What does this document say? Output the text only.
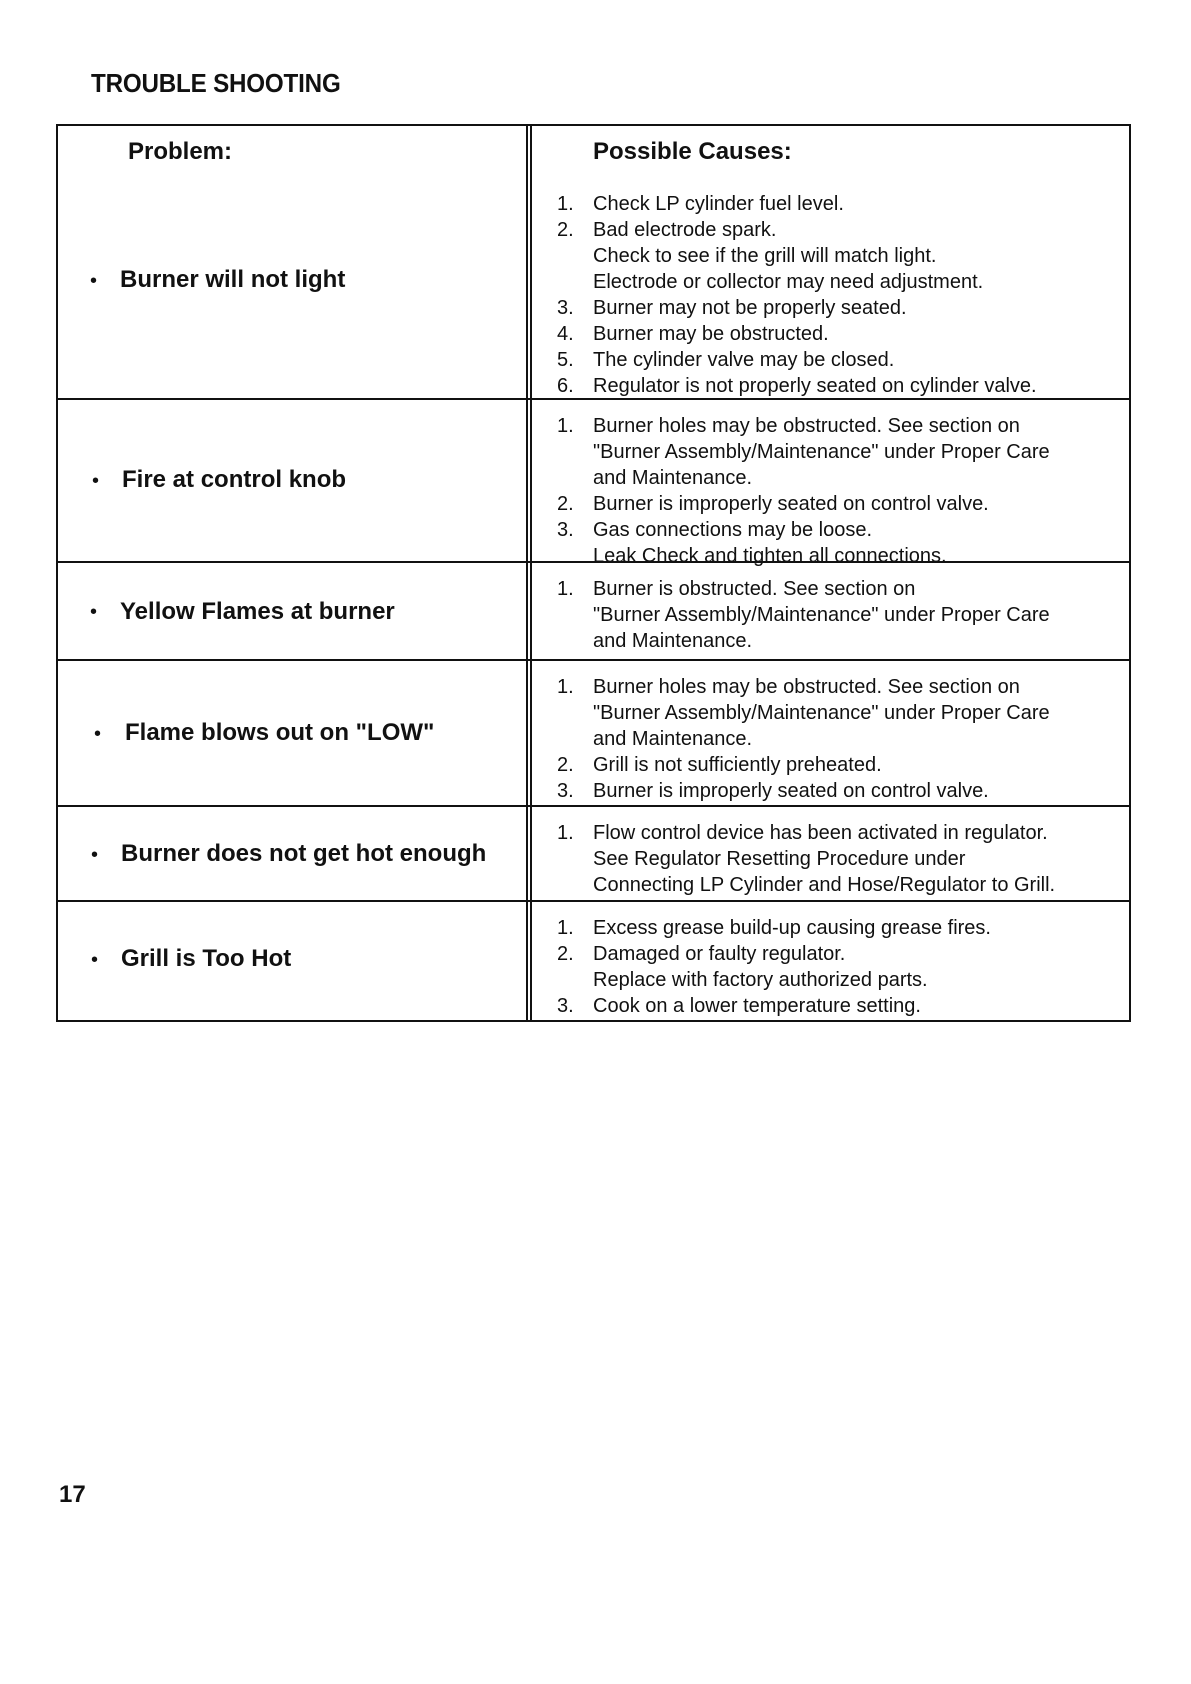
TROUBLE SHOOTING
Problem:	Possible Causes:
• Burner will not light
1. Check LP cylinder fuel level.
2. Bad electrode spark.
Check to see if the grill will match light.
Electrode or collector may need adjustment.
3. Burner may not be properly seated.
4. Burner may be obstructed.
5. The cylinder valve may be closed.
6. Regulator is not properly seated on cylinder valve.
• Fire at control knob
1. Burner holes may be obstructed. See section on
"Burner Assembly/Maintenance" under Proper Care
and Maintenance.
2. Burner is improperly seated on control valve.
3. Gas connections may be loose.
Leak Check and tighten all connections.
• Yellow Flames at burner
1. Burner is obstructed. See section on
"Burner Assembly/Maintenance" under Proper Care
and Maintenance.
• Flame blows out on "LOW"
1. Burner holes may be obstructed. See section on
"Burner Assembly/Maintenance" under Proper Care
and Maintenance.
2. Grill is not sufficiently preheated.
3. Burner is improperly seated on control valve.
• Burner does not get hot enough
1. Flow control device has been activated in regulator.
See Regulator Resetting Procedure under
Connecting LP Cylinder and Hose/Regulator to Grill.
• Grill is Too Hot
1. Excess grease build-up causing grease fires.
2. Damaged or faulty regulator.
Replace with factory authorized parts.
3. Cook on a lower temperature setting.
17
